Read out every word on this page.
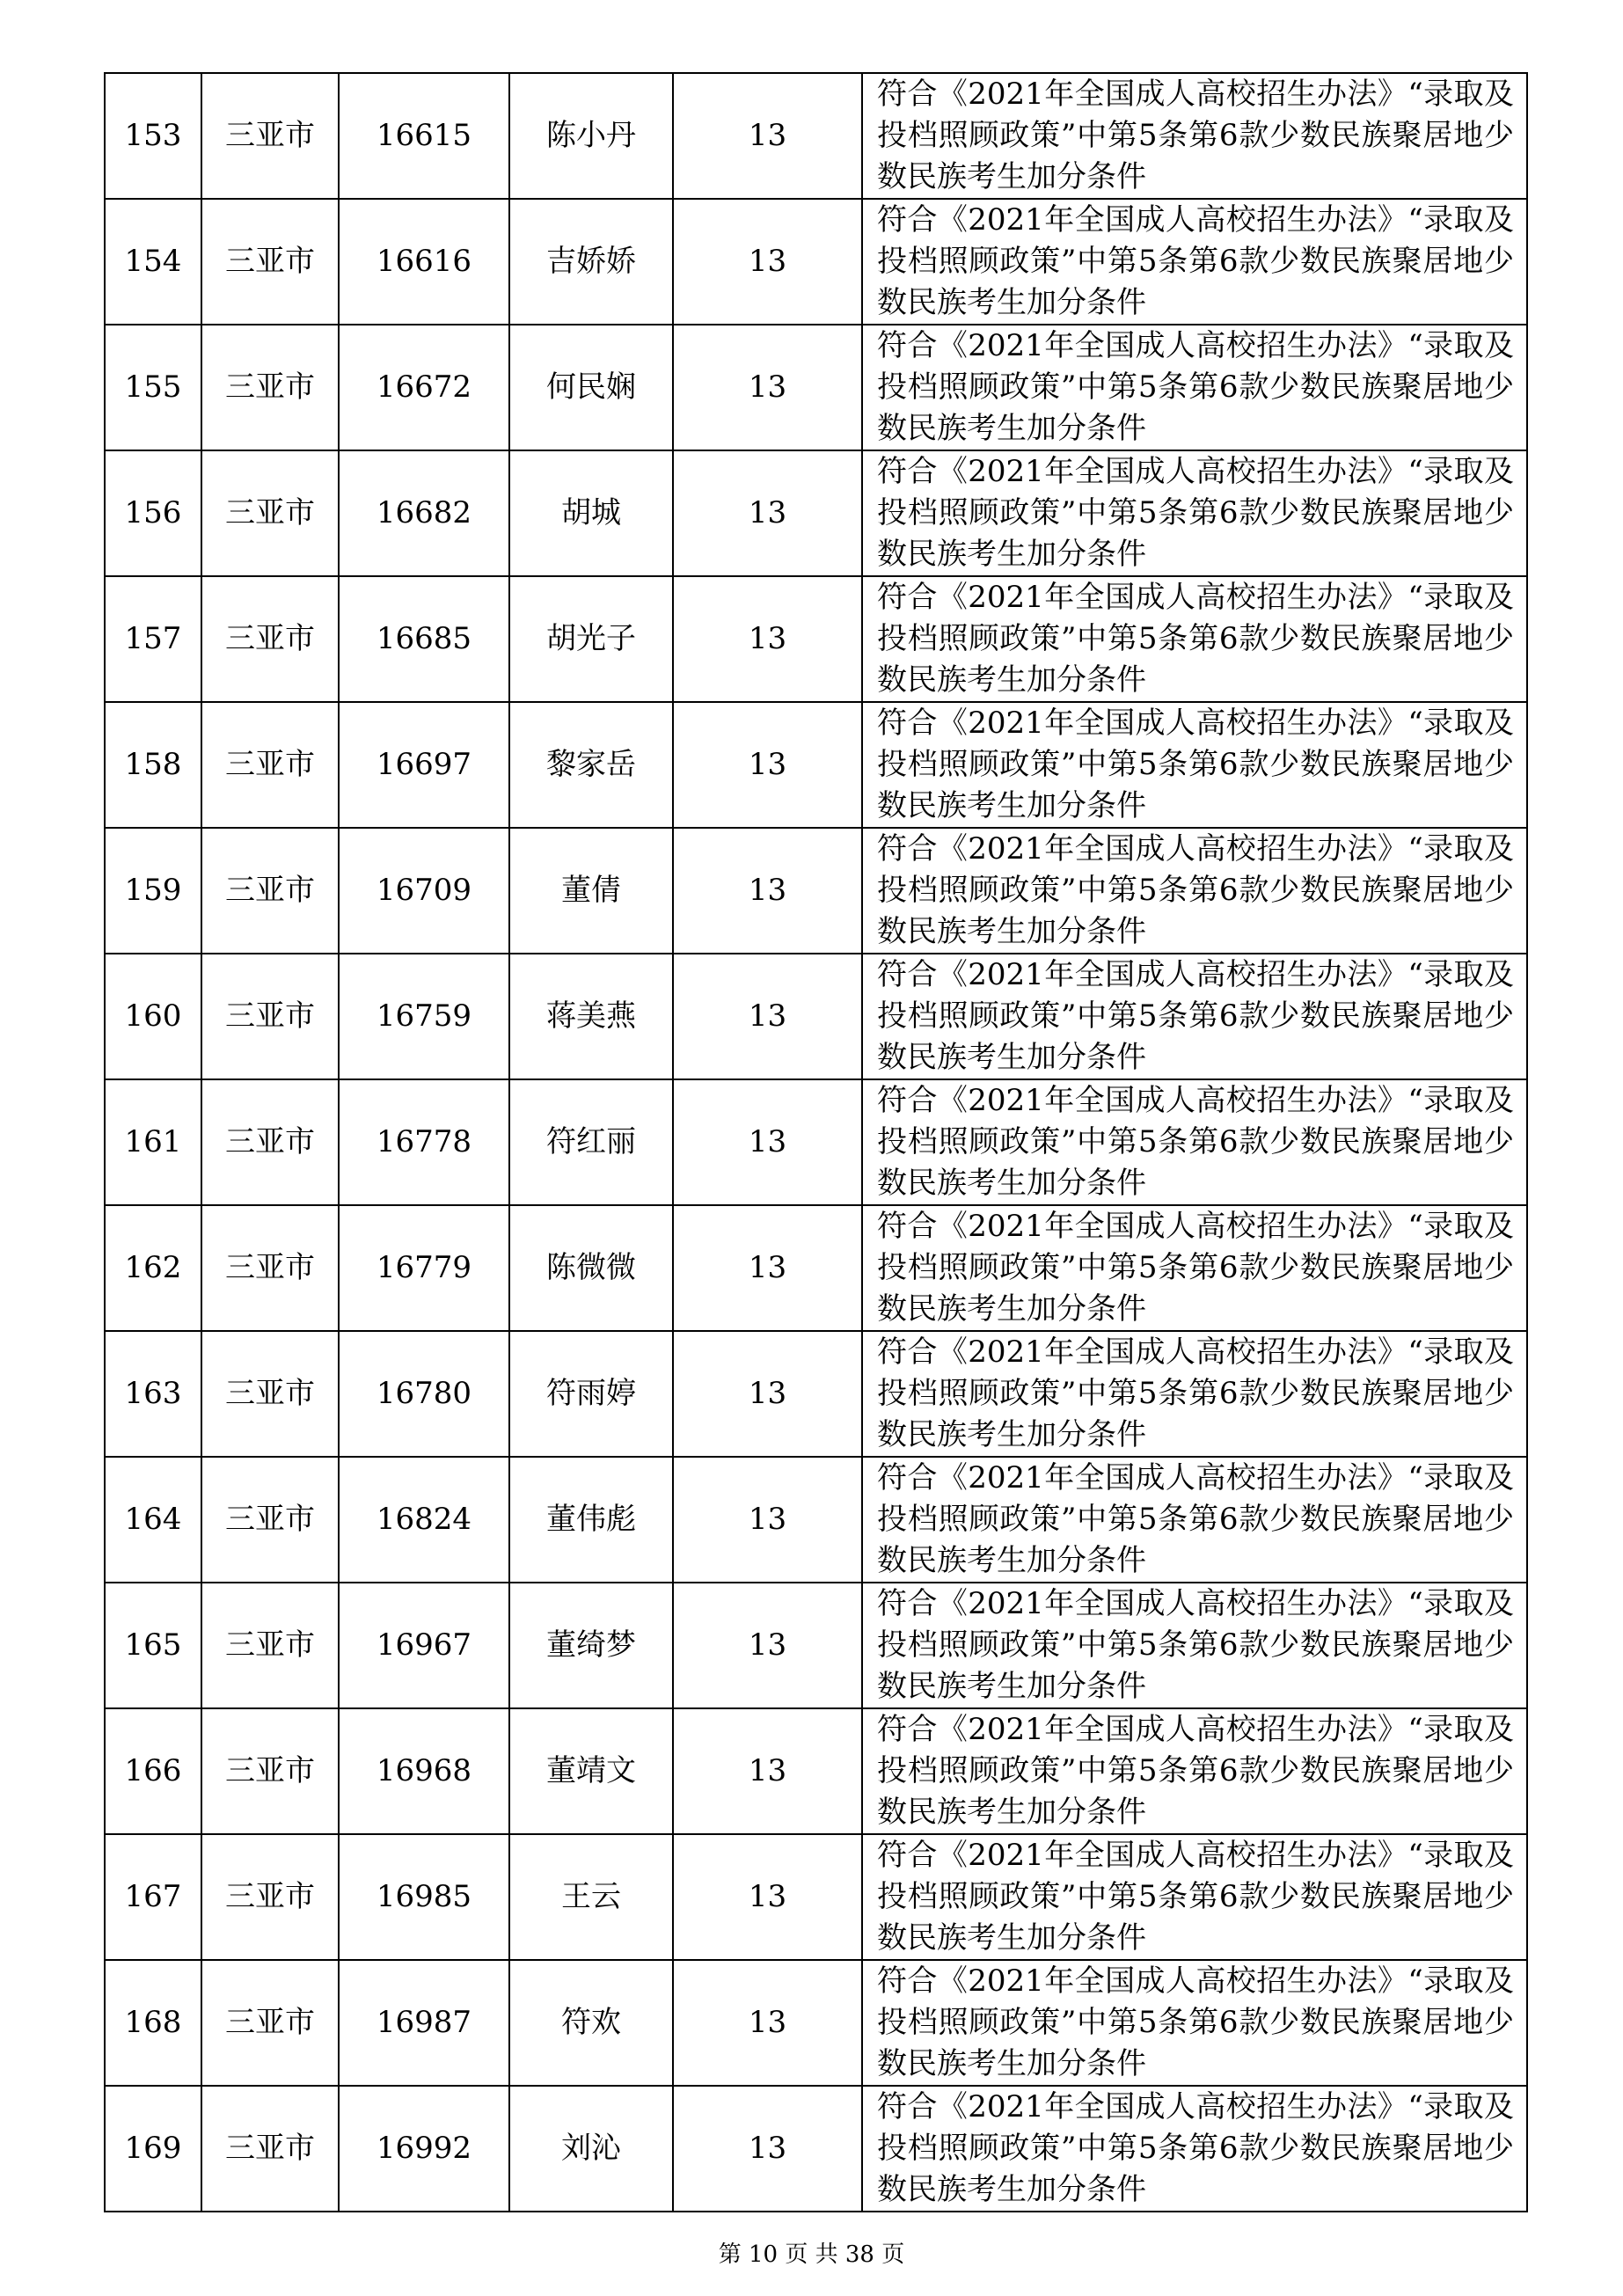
153	三亚市	16615	陈小丹	13	符合《2021年全国成人高校招生办法》“录取及投档照顾政策”中第5条第6款少数民族聚居地少数民族考生加分条件
154	三亚市	16616	吉娇娇	13	符合《2021年全国成人高校招生办法》“录取及投档照顾政策”中第5条第6款少数民族聚居地少数民族考生加分条件
155	三亚市	16672	何民娴	13	符合《2021年全国成人高校招生办法》“录取及投档照顾政策”中第5条第6款少数民族聚居地少数民族考生加分条件
156	三亚市	16682	胡城	13	符合《2021年全国成人高校招生办法》“录取及投档照顾政策”中第5条第6款少数民族聚居地少数民族考生加分条件
157	三亚市	16685	胡光子	13	符合《2021年全国成人高校招生办法》“录取及投档照顾政策”中第5条第6款少数民族聚居地少数民族考生加分条件
158	三亚市	16697	黎家岳	13	符合《2021年全国成人高校招生办法》“录取及投档照顾政策”中第5条第6款少数民族聚居地少数民族考生加分条件
159	三亚市	16709	董倩	13	符合《2021年全国成人高校招生办法》“录取及投档照顾政策”中第5条第6款少数民族聚居地少数民族考生加分条件
160	三亚市	16759	蒋美燕	13	符合《2021年全国成人高校招生办法》“录取及投档照顾政策”中第5条第6款少数民族聚居地少数民族考生加分条件
161	三亚市	16778	符红丽	13	符合《2021年全国成人高校招生办法》“录取及投档照顾政策”中第5条第6款少数民族聚居地少数民族考生加分条件
162	三亚市	16779	陈微微	13	符合《2021年全国成人高校招生办法》“录取及投档照顾政策”中第5条第6款少数民族聚居地少数民族考生加分条件
163	三亚市	16780	符雨婷	13	符合《2021年全国成人高校招生办法》“录取及投档照顾政策”中第5条第6款少数民族聚居地少数民族考生加分条件
164	三亚市	16824	董伟彪	13	符合《2021年全国成人高校招生办法》“录取及投档照顾政策”中第5条第6款少数民族聚居地少数民族考生加分条件
165	三亚市	16967	董绮梦	13	符合《2021年全国成人高校招生办法》“录取及投档照顾政策”中第5条第6款少数民族聚居地少数民族考生加分条件
166	三亚市	16968	董靖文	13	符合《2021年全国成人高校招生办法》“录取及投档照顾政策”中第5条第6款少数民族聚居地少数民族考生加分条件
167	三亚市	16985	王云	13	符合《2021年全国成人高校招生办法》“录取及投档照顾政策”中第5条第6款少数民族聚居地少数民族考生加分条件
168	三亚市	16987	符欢	13	符合《2021年全国成人高校招生办法》“录取及投档照顾政策”中第5条第6款少数民族聚居地少数民族考生加分条件
169	三亚市	16992	刘沁	13	符合《2021年全国成人高校招生办法》“录取及投档照顾政策”中第5条第6款少数民族聚居地少数民族考生加分条件
第 10 页 共 38 页
